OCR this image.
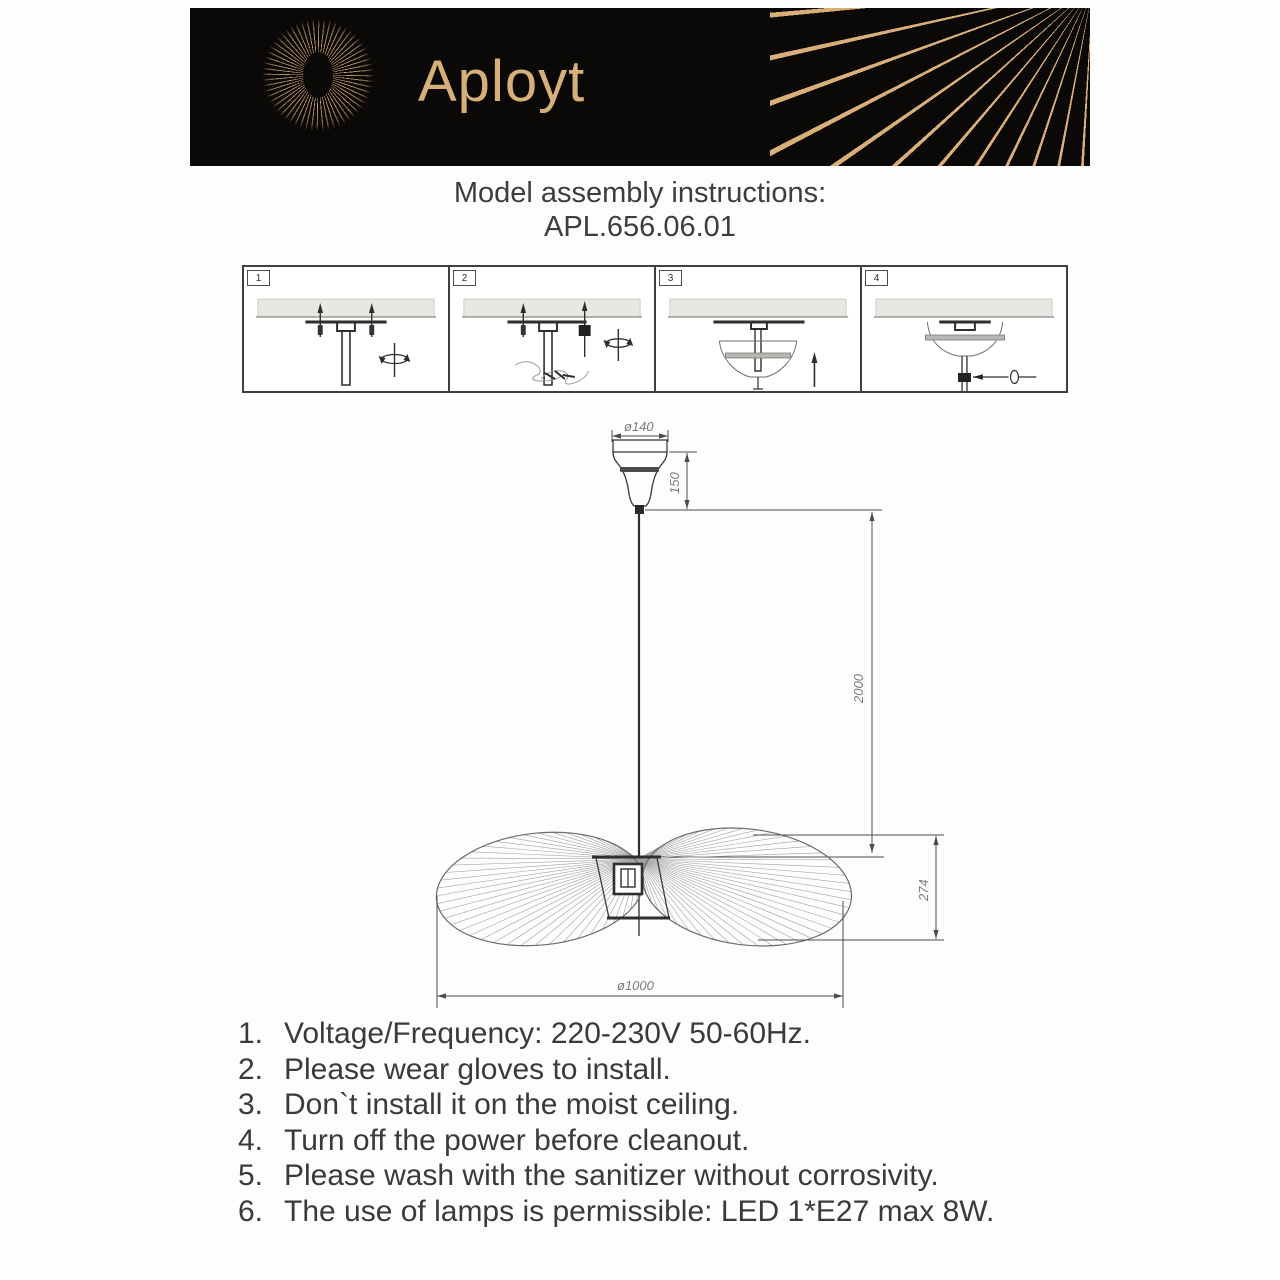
Aployt
Model assembly instructions:
APL.656.06.01
1	2	3	4
ø140
150
2000
274
ø1000
1. Voltage/Frequency: 220-230V 50-60Hz.
2. Please wear gloves to install.
3. Don`t install it on the moist ceiling.
4. Turn off the power before cleanout.
5. Please wash with the sanitizer without corrosivity.
6. The use of lamps is permissible: LED 1*E27 max 8W.
